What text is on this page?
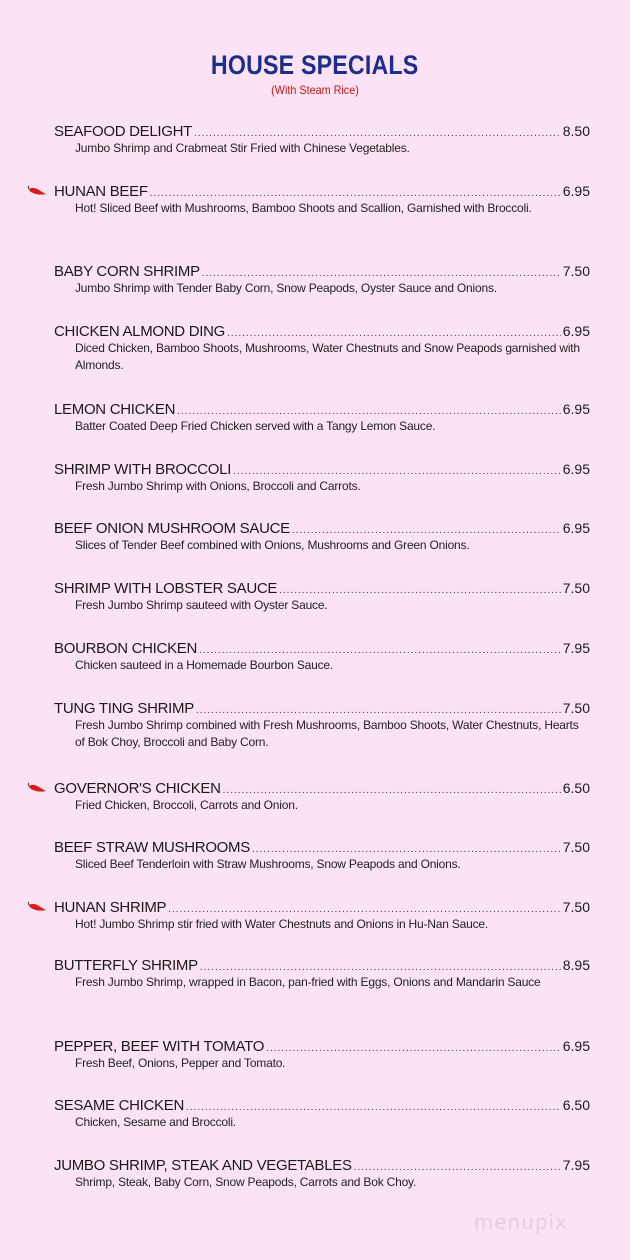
HOUSE SPECIALS
(With Steam Rice)
SEAFOOD DELIGHT .....	8.50
Jumbo Shrimp and Crabmeat Stir Fried with Chinese Vegetables.
HUNAN BEEF .....	6.95
Hot! Sliced Beef with Mushrooms, Bamboo Shoots and Scallion, Garnished with Broccoli.
BABY CORN SHRIMP .....	7.50
Jumbo Shrimp with Tender Baby Corn, Snow Peapods, Oyster Sauce and Onions.
CHICKEN ALMOND DING .....	6.95
Diced Chicken, Bamboo Shoots, Mushrooms, Water Chestnuts and Snow Peapods garnished with Almonds.
LEMON CHICKEN .....	6.95
Batter Coated Deep Fried Chicken served with a Tangy Lemon Sauce.
SHRIMP WITH BROCCOLI .....	6.95
Fresh Jumbo Shrimp with Onions, Broccoli and Carrots.
BEEF ONION MUSHROOM SAUCE .....	6.95
Slices of Tender Beef combined with Onions, Mushrooms and Green Onions.
SHRIMP WITH LOBSTER SAUCE .....	7.50
Fresh Jumbo Shrimp sauteed with Oyster Sauce.
BOURBON CHICKEN .....	7.95
Chicken sauteed in a Homemade Bourbon Sauce.
TUNG TING SHRIMP .....	7.50
Fresh Jumbo Shrimp combined with Fresh Mushrooms, Bamboo Shoots, Water Chestnuts, Hearts of Bok Choy, Broccoli and Baby Corn.
GOVERNOR'S CHICKEN .....	6.50
Fried Chicken, Broccoli, Carrots and Onion.
BEEF STRAW MUSHROOMS .....	7.50
Sliced Beef Tenderloin with Straw Mushrooms, Snow Peapods and Onions.
HUNAN SHRIMP .....	7.50
Hot! Jumbo Shrimp stir fried with Water Chestnuts and Onions in Hu-Nan Sauce.
BUTTERFLY SHRIMP .....	8.95
Fresh Jumbo Shrimp, wrapped in Bacon, pan-fried with Eggs, Onions and Mandarin Sauce
PEPPER, BEEF WITH TOMATO .....	6.95
Fresh Beef, Onions, Pepper and Tomato.
SESAME CHICKEN .....	6.50
Chicken, Sesame and Broccoli.
JUMBO SHRIMP, STEAK AND VEGETABLES .....	7.95
Shrimp, Steak, Baby Corn, Snow Peapods, Carrots and Bok Choy.
menupix
